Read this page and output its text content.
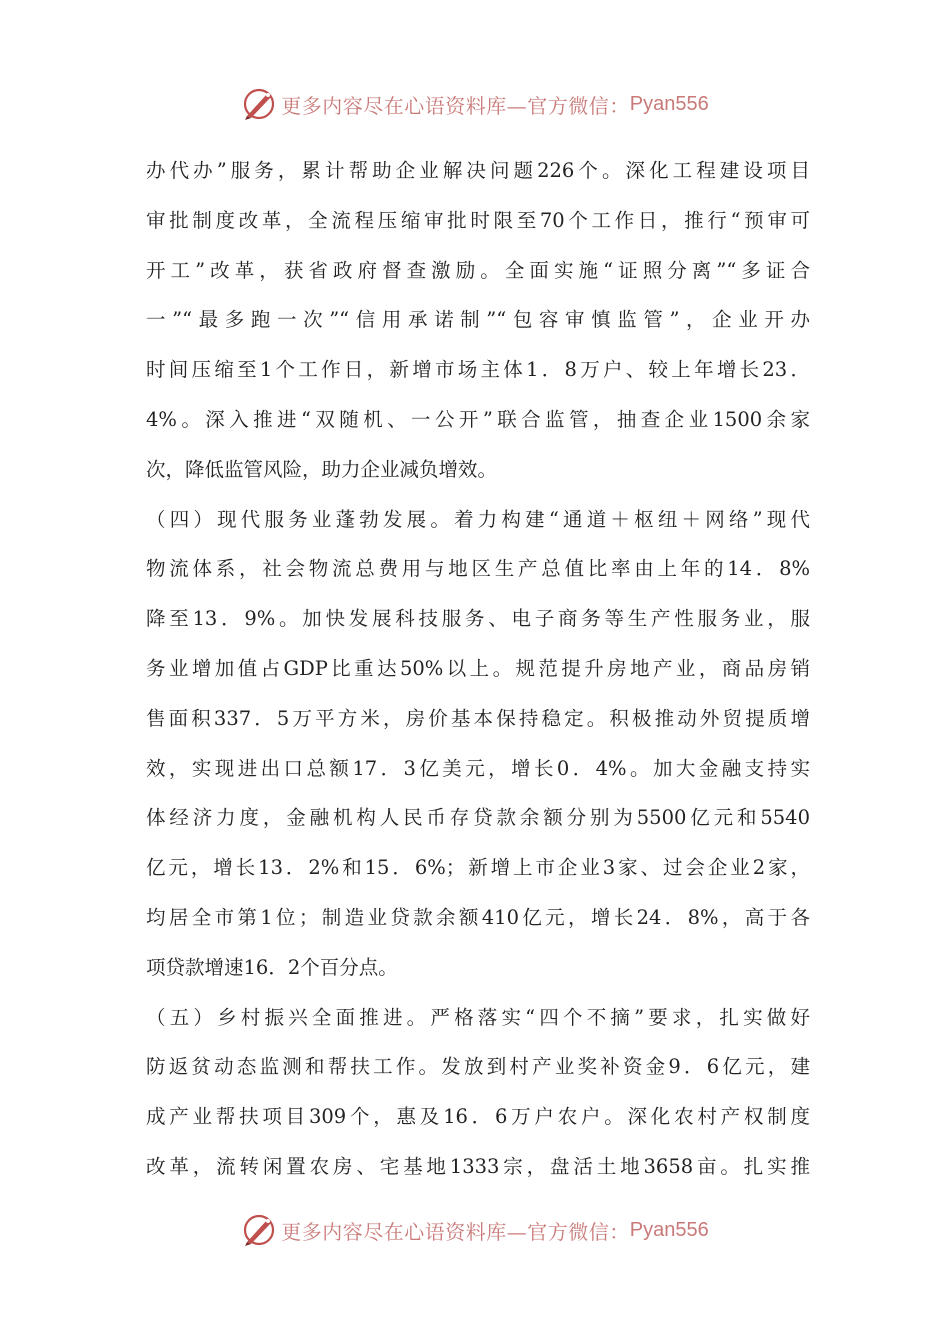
更多内容尽在心语资料库—官方微信： Pyan556
办代办”服务，累计帮助企业解决问题226个。深化工程建设项目
审批制度改革，全流程压缩审批时限至70个工作日，推行“预审可
开工”改革，获省政府督查激励。全面实施“证照分离”“多证合
一”“最多跑一次”“信用承诺制”“包容审慎监管”，企业开办
时间压缩至1个工作日，新增市场主体1．8万户、较上年增长23．
4%。深入推进“双随机、一公开”联合监管，抽查企业1500余家
次，降低监管风险，助力企业减负增效。
（四）现代服务业蓬勃发展。着力构建“通道＋枢纽＋网络”现代
物流体系，社会物流总费用与地区生产总值比率由上年的14．8%
降至13．9%。加快发展科技服务、电子商务等生产性服务业，服
务业增加值占GDP比重达50%以上。规范提升房地产业，商品房销
售面积337．5万平方米，房价基本保持稳定。积极推动外贸提质增
效，实现进出口总额17．3亿美元，增长0．4%。加大金融支持实
体经济力度，金融机构人民币存贷款余额分别为5500亿元和5540
亿元，增长13．2%和15．6%；新增上市企业3家、过会企业2家，
均居全市第1位；制造业贷款余额410亿元，增长24．8%，高于各
项贷款增速16．2个百分点。
（五）乡村振兴全面推进。严格落实“四个不摘”要求，扎实做好
防返贫动态监测和帮扶工作。发放到村产业奖补资金9．6亿元，建
成产业帮扶项目309个，惠及16．6万户农户。深化农村产权制度
改革，流转闲置农房、宅基地1333宗，盘活土地3658亩。扎实推
更多内容尽在心语资料库—官方微信： Pyan556
